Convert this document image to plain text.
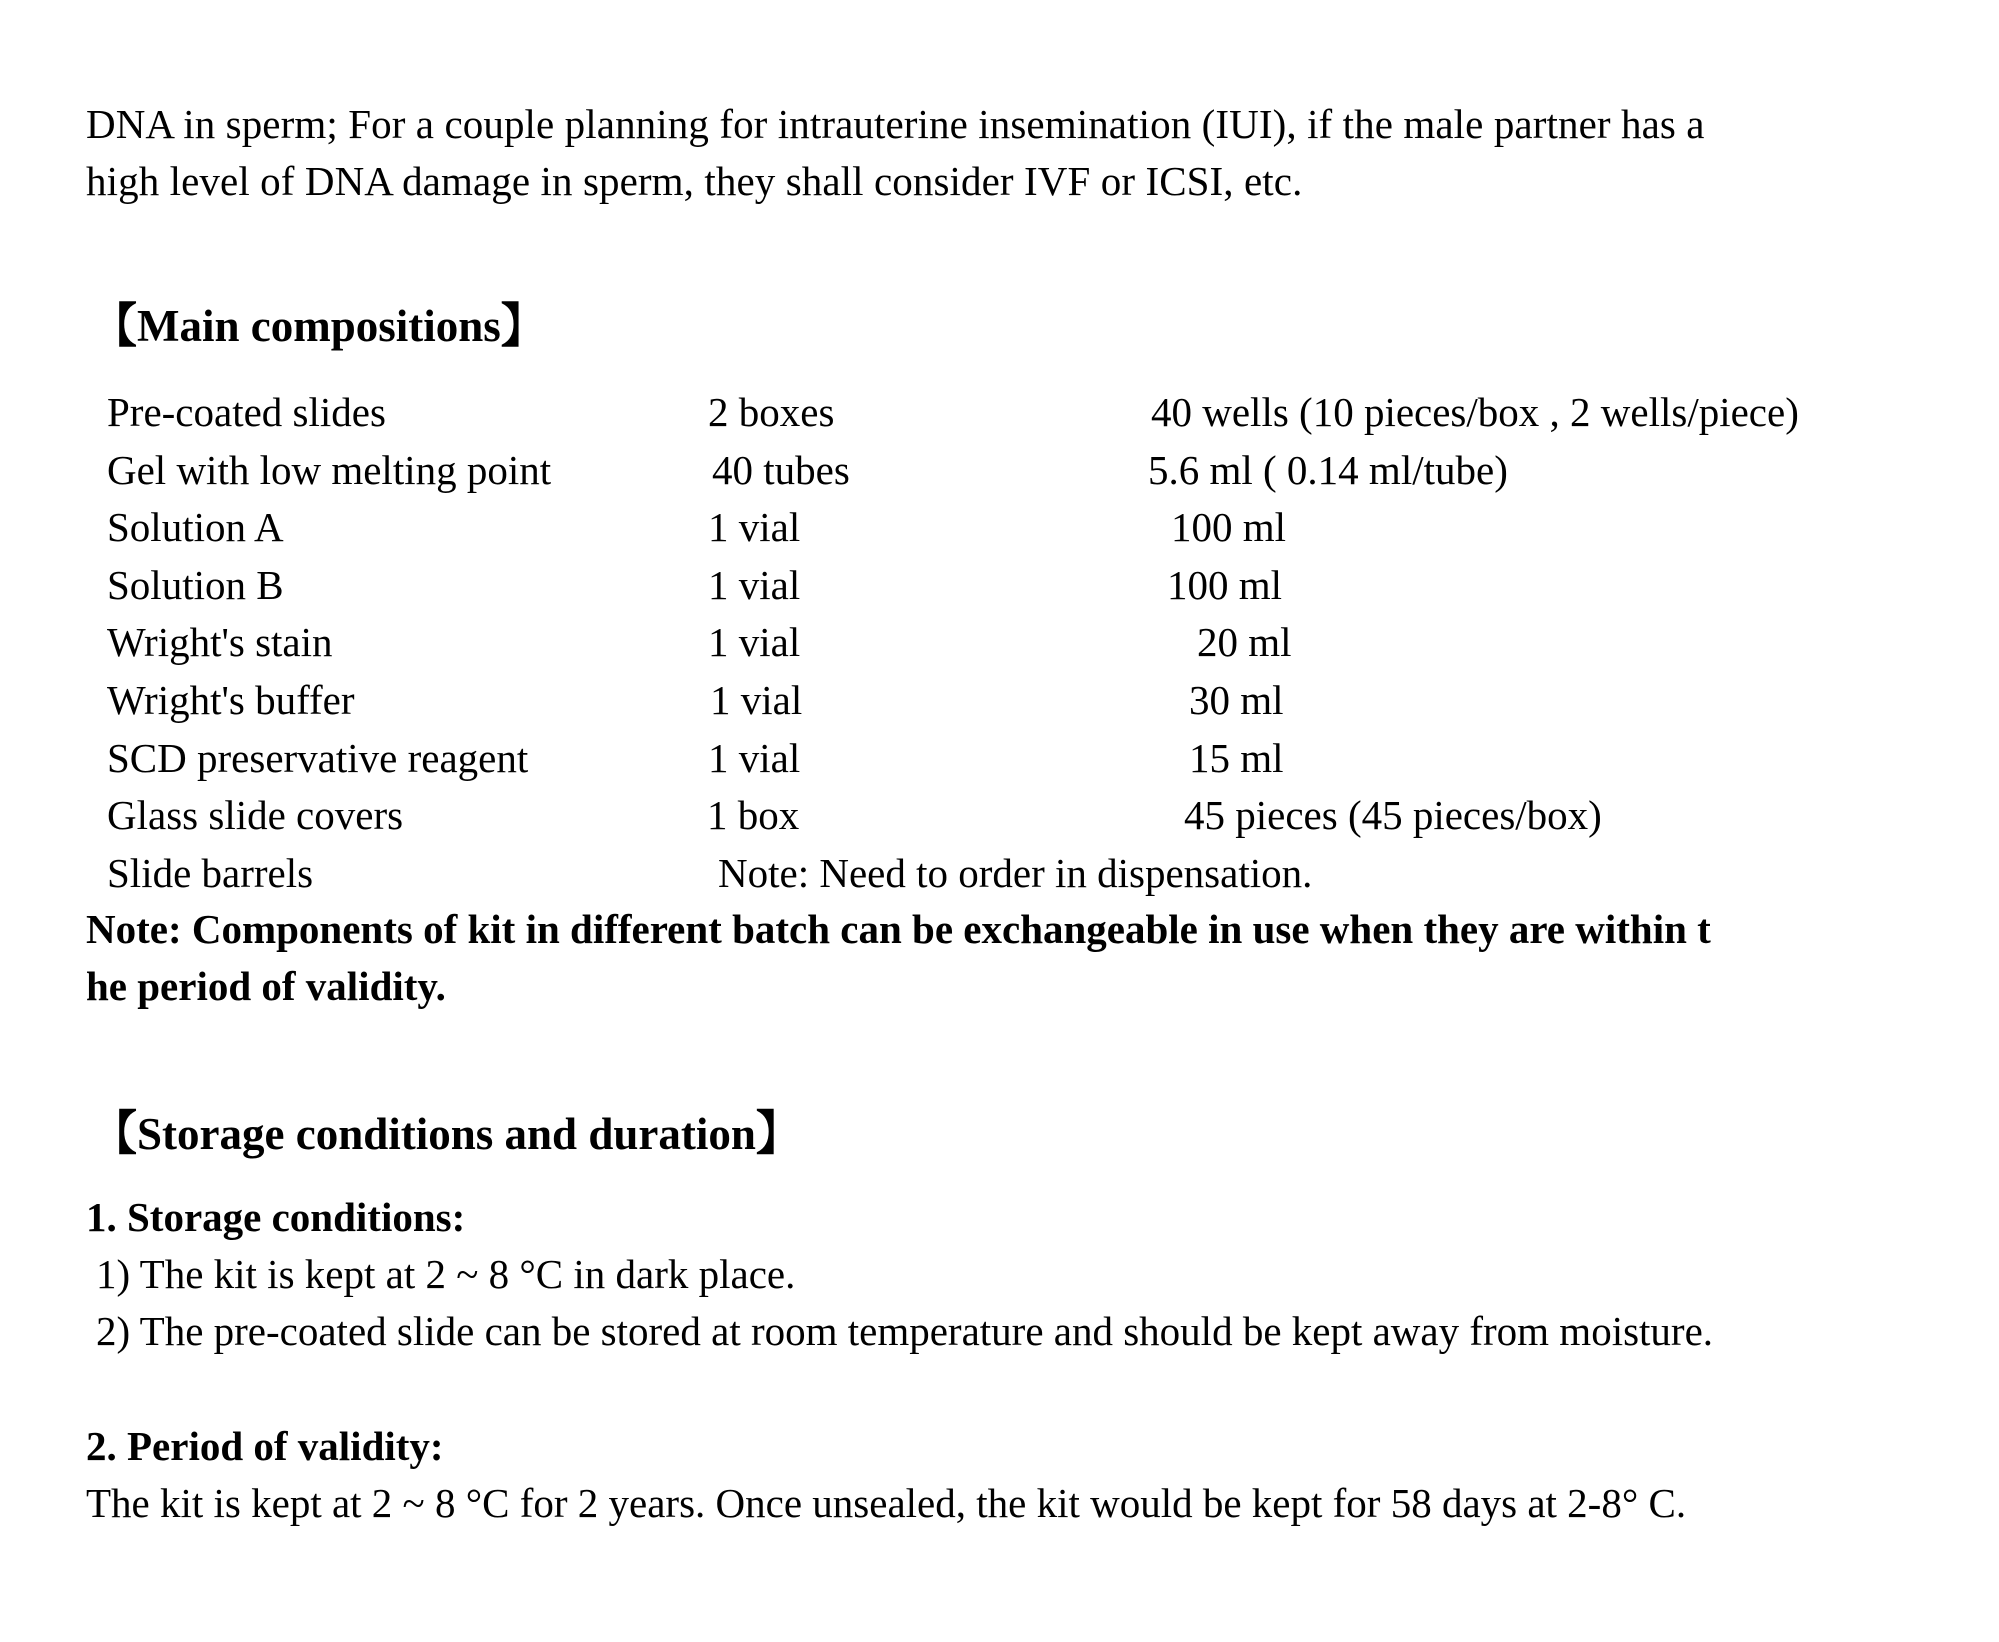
DNA in sperm; For a couple planning for intrauterine insemination (IUI), if the male partner has a

high level of DNA damage in sperm, they shall consider IVF or ICSI, etc.

【Main compositions】
Pre-coated slides	2 boxes	40 wells (10 pieces/box , 2 wells/piece)
Gel with low melting point	40 tubes	5.6 ml ( 0.14 ml/tube)
Solution A	1 vial	100 ml
Solution B	1 vial	100 ml
Wright's stain	1 vial	20 ml
Wright's buffer	1 vial	30 ml
SCD preservative reagent	1 vial	15 ml
Glass slide covers	1 box	45 pieces (45 pieces/box)
Slide barrels	Note: Need to order in dispensation.

Note: Components of kit in different batch can be exchangeable in use when they are within t

he period of validity.

【Storage conditions and duration】
1. Storage conditions:
1) The kit is kept at 2 ~ 8 °C in dark place.
2) The pre-coated slide can be stored at room temperature and should be kept away from moisture.
2. Period of validity:
The kit is kept at 2 ~ 8 °C for 2 years. Once unsealed, the kit would be kept for 58 days at 2-8° C.
